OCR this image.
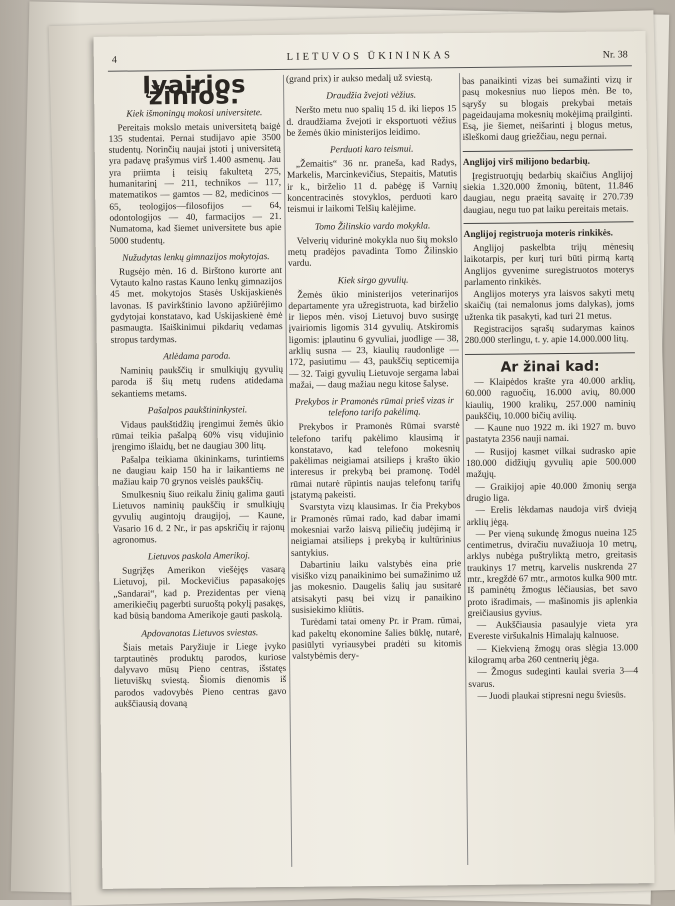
4	LIETUVOS ŪKININKAS	Nr. 38
Įvairios žinios.
Kiek išmoningų mokosi universitete.

Pereitais mokslo metais universitetą baigė 135 studentai. Pernai studijavo apie 3500 studentų. Norinčių naujai įstoti į universitetą yra padavę prašymus virš 1.400 asmenų. Jau yra priimta į teisių fakultetą 275, humanitarinį — 211, technikos — 117, matematikos — gamtos — 82, medicinos — 65, teologijos—filosofijos — 64, odontologijos — 40, farmacijos — 21. Numatoma, kad šiemet universitete bus apie 5000 studentų.

Nužudytas lenkų gimnazijos mokytojas.

Rugsėjo mėn. 16 d. Birštono kurorte ant Vytauto kalno rastas Kauno lenkų gimnazijos 45 met. mokytojos Stasės Uskijaskienės lavonas. Iš pavirkštinio lavono apžiūrėjimo gydytojai konstatavo, kad Uskijaskienė ėmė pasmaugta. Išaiškinimui pikdarių vedamas stropus tardymas.

Atlėdama paroda.

Naminių paukščių ir smulkiųjų gyvulių paroda iš šių metų rudens atidedama sekantiems metams.

Pašalpos paukštininkystei.

Vidaus paukštidžių įrengimui žemės ūkio rūmai teikia pašalpą 60% visų vidujinio įrengimo išlaidų, bet ne daugiau 300 litų.

Pašalpa teikiama ūkininkams, turintiems ne daugiau kaip 150 ha ir laikantiems ne mažiau kaip 70 grynos veislės paukščių.

Smulkesnių šiuo reikalu žinių galima gauti Lietuvos naminių paukščių ir smulkiųjų gyvulių augintojų draugijoj, — Kaune, Vasario 16 d. 2 Nr., ir pas apskričių ir rajonų agronomus.

Lietuvos paskola Amerikoj.

Sugrįžęs Amerikon viešėjęs vasarą Lietuvoj, pil. Mockevičius papasakojęs „Sandarai“, kad p. Prezidentas per vieną amerikiečių pagerbti suruoštą pokylį pasakęs, kad būsią bandoma Amerikoje gauti paskolą.

Apdovanotas Lietuvos sviestas.

Šiais metais Paryžiuje ir Liege įvyko tarptautinės produktų parodos, kuriose dalyvavo mūsų Pieno centras, išstatęs lietuviškų sviestą. Šiomis dienomis iš parodos vadovybės Pieno centras gavo aukščiausią dovaną

(grand prix) ir aukso medalį už sviestą.

Draudžia žvejoti vėžius.

Neršto metu nuo spalių 15 d. iki liepos 15 d. draudžiama žvejoti ir eksportuoti vėžius be žemės ūkio ministerijos leidimo.

Perduoti karo teismui.

„Žemaitis“ 36 nr. praneša, kad Radys, Markelis, Marcinkevičius, Stepaitis, Matutis ir k., birželio 11 d. pabėgę iš Varnių koncentracinės stovyklos, perduoti karo teismui ir laikomi Telšių kalėjime.

Tomo Žilinskio vardo mokykla.

Velverių vidurinė mokykla nuo šių mokslo metų pradėjos pavadinta Tomo Žilinskio vardu.

Kiek sirgo gyvulių.

Žemės ūkio ministerijos veterinarijos departamente yra užregistruota, kad birželio ir liepos mėn. visoj Lietuvoj buvo susirgę įvairiomis ligomis 314 gyvulių. Atskiromis ligomis: įplautinu 6 gyvuliai, juodlige — 38, arklių susna — 23, kiaulių raudonlige — 172, pasiutimu — 43, paukščių septicemija — 32. Taigi gyvulių Lietuvoje sergama labai mažai, — daug mažiau negu kitose šalyse.

Prekybos ir Pramonės rūmai prieš vizas ir telefono tarifo pakėlimą.

Prekybos ir Pramonės Rūmai svarstė telefono tarifų pakėlimo klausimą ir konstatavo, kad telefono mokesnių pakėlimas neigiamai atsilieps į krašto ūkio interesus ir prekybą bei pramonę. Todėl rūmai nutarė rūpintis naujas telefonų tarifų įstatymą pakeisti.

Svarstyta vizų klausimas. Ir čia Prekybos ir Pramonės rūmai rado, kad dabar imami mokesniai varžo laisvą piliečių judėjimą ir neigiamai atsilieps į prekybą ir kultūrinius santykius.

Dabartiniu laiku valstybės eina prie visiško vizų panaikinimo bei sumažinimo už jas mokesnio. Daugelis šalių jau susitarė atsisakyti pasų bei vizų ir panaikino susisiekimo kliūtis.

Turėdami tatai omeny Pr. ir Pram. rūmai, kad pakeltų ekonomine šalies būklę, nutarė, pasiūlyti vyriausybei pradėti su kitomis valstybėmis dery-

bas panaikinti vizas bei sumažinti vizų ir pasų mokesnius nuo liepos mėn. Be to, sąryšy su blogais prekybai metais pageidaujama mokesnių mokėjimą prailginti. Esą, jie šiemet, neišarinti į blogus metus, išleškomi daug griežčiau, negu pernai.

Anglijoj virš milijono bedarbių.

Įregistruotųjų bedarbių skaičius Anglijoj siekia 1.320.000 žmonių, būtent, 11.846 daugiau, negu praeitą savaitę ir 270.739 daugiau, negu tuo pat laiku pereitais metais.

Anglijoj registruoja moteris rinkikės.

Anglijoj paskelbta trijų mėnesių laikotarpis, per kurį turi būti pirmą kartą Anglijos gyvenime suregistruotos moterys parlamento rinkikės.

Anglijos moterys yra laisvos sakyti metų skaičių (tai nemalonus joms dalykas), joms užtenka tik pasakyti, kad turi 21 metus.

Registracijos sąrašų sudarymas kainos 280.000 sterlingu, t. y. apie 14.000.000 litų.

Ar žinai kad:

— Klaipėdos krašte yra 40.000 arklių, 60.000 raguočių, 16.000 avių, 80.000 kiaulių, 1900 kralikų, 257.000 naminių paukščių, 10.000 bičių avilių.

— Kaune nuo 1922 m. iki 1927 m. buvo pastatyta 2356 nauji namai.

— Rusijoj kasmet vilkai sudrasko apie 180.000 didžiųjų gyvulių apie 500.000 mažųjų.

— Graikijoj apie 40.000 žmonių serga drugio liga.

— Erelis lėkdamas naudoja virš dvieją arklių jėgą.

— Per vieną sukundę žmogus nueina 125 centimetrus, dviračiu nuvažiuoja 10 metrų, arklys nubėga puštryliktą metro, greitasis traukinys 17 metrų, karvelis nuskrenda 27 mtr., kregždė 67 mtr., armotos kulka 900 mtr. Iš paminėtų žmogus lėčiausias, bet savo proto išradimais, — mašinomis jis aplenkia greičiausius gyvius.

— Aukščiausia pasaulyje vieta yra Evereste viršukalnis Himalajų kalnuose.

— Kiekvieną žmogų oras slėgia 13.000 kilogramų arba 260 centnerių jėga.

— Žmogus sudeginti kaulai sveria 3—4 svarus.

— Juodi plaukai stipresni negu šviesūs.
